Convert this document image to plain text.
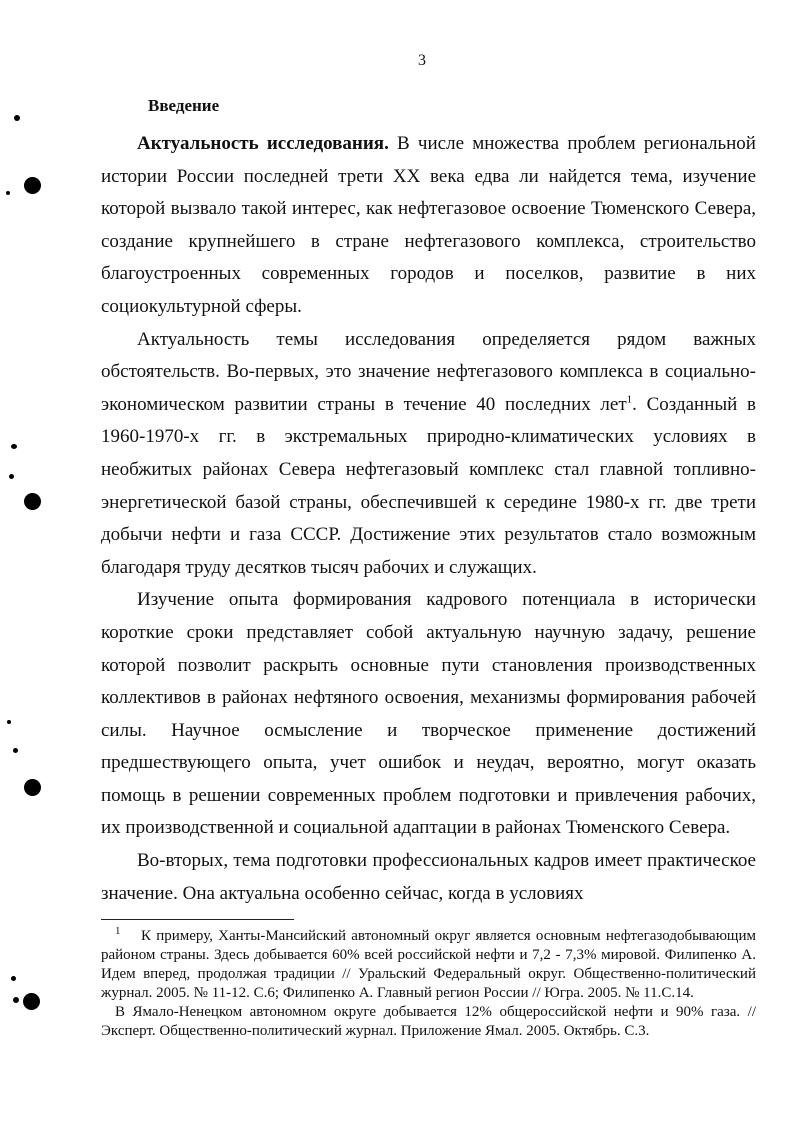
3
Введение

Актуальность исследования. В числе множества проблем региональной истории России последней трети XX века едва ли найдется тема, изучение которой вызвало такой интерес, как нефтегазовое освоение Тюменского Севера, создание крупнейшего в стране нефтегазового комплекса, строительство благоустроенных современных городов и поселков, развитие в них социокультурной сферы.

Актуальность темы исследования определяется рядом важных обстоятельств. Во-первых, это значение нефтегазового комплекса в социально-экономическом развитии страны в течение 40 последних лет$^1$. Созданный в 1960-1970-х гг. в экстремальных природно-климатических условиях в необжитых районах Севера нефтегазовый комплекс стал главной топливно-энергетической базой страны, обеспечившей к середине 1980-х гг. две трети добычи нефти и газа СССР. Достижение этих результатов стало возможным благодаря труду десятков тысяч рабочих и служащих.

Изучение опыта формирования кадрового потенциала в исторически короткие сроки представляет собой актуальную научную задачу, решение которой позволит раскрыть основные пути становления производственных коллективов в районах нефтяного освоения, механизмы формирования рабочей силы. Научное осмысление и творческое применение достижений предшествующего опыта, учет ошибок и неудач, вероятно, могут оказать помощь в решении современных проблем подготовки и привлечения рабочих, их производственной и социальной адаптации в районах Тюменского Севера.

Во-вторых, тема подготовки профессиональных кадров имеет практическое значение. Она актуальна особенно сейчас, когда в условиях

$^1$ К примеру, Ханты-Мансийский автономный округ является основным нефтегазодобывающим районом страны. Здесь добывается 60% всей российской нефти и 7,2 - 7,3% мировой. Филипенко А. Идем вперед, продолжая традиции // Уральский Федеральный округ. Общественно-политический журнал. 2005. № 11-12. С.6; Филипенко А. Главный регион России // Югра. 2005. № 11.С.14.

В Ямало-Ненецком автономном округе добывается 12% общероссийской нефти и 90% газа. // Эксперт. Общественно-политический журнал. Приложение Ямал. 2005. Октябрь. С.3.
